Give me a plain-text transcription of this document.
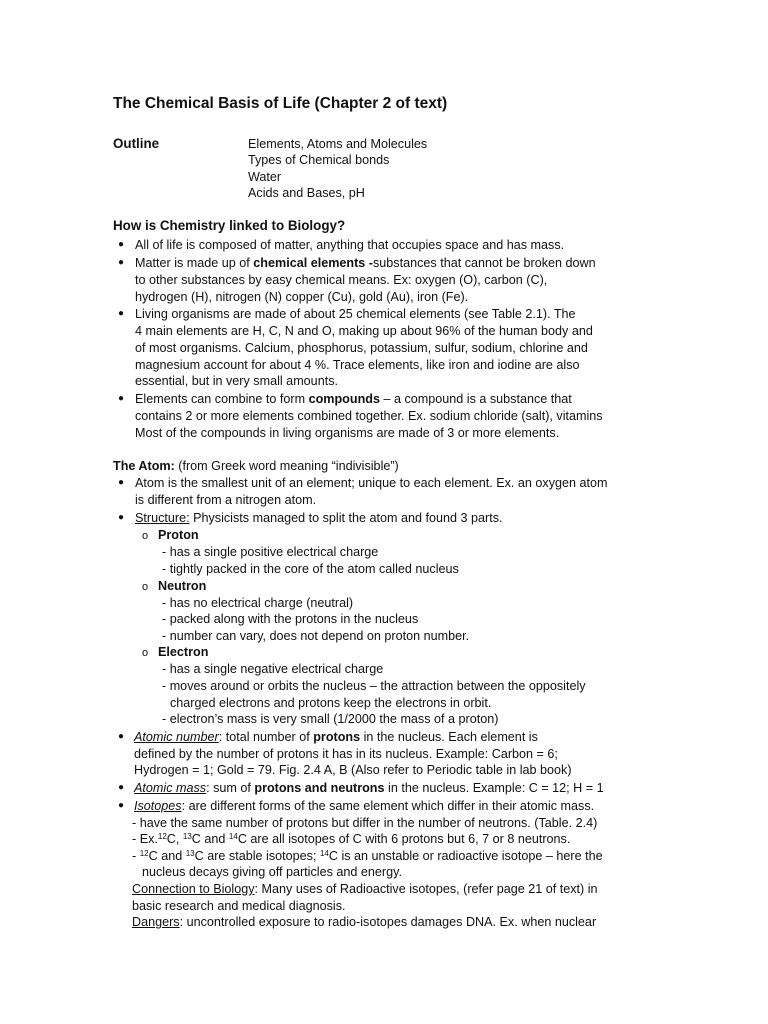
The Chemical Basis of Life (Chapter 2 of text)
Outline	Elements, Atoms and Molecules
Types of Chemical bonds
Water
Acids and Bases, pH
How is Chemistry linked to Biology?
● All of life is composed of matter, anything that occupies space and has mass.
● Matter is made up of chemical elements -substances that cannot be broken down
to other substances by easy chemical means. Ex: oxygen (O), carbon (C),
hydrogen (H), nitrogen (N) copper (Cu), gold (Au), iron (Fe).
● Living organisms are made of about 25 chemical elements (see Table 2.1). The
4 main elements are H, C, N and O, making up about 96% of the human body and
of most organisms. Calcium, phosphorus, potassium, sulfur, sodium, chlorine and
magnesium account for about 4 %. Trace elements, like iron and iodine are also
essential, but in very small amounts.
● Elements can combine to form compounds – a compound is a substance that
contains 2 or more elements combined together. Ex. sodium chloride (salt), vitamins
Most of the compounds in living organisms are made of 3 or more elements.
The Atom: (from Greek word meaning “indivisible”)
● Atom is the smallest unit of an element; unique to each element. Ex. an oxygen atom
is different from a nitrogen atom.
● Structure: Physicists managed to split the atom and found 3 parts.
o Proton
- has a single positive electrical charge
- tightly packed in the core of the atom called nucleus
o Neutron
- has no electrical charge (neutral)
- packed along with the protons in the nucleus
- number can vary, does not depend on proton number.
o Electron
- has a single negative electrical charge
- moves around or orbits the nucleus – the attraction between the oppositely
charged electrons and protons keep the electrons in orbit.
- electron’s mass is very small (1/2000 the mass of a proton)
● Atomic number: total number of protons in the nucleus. Each element is
defined by the number of protons it has in its nucleus. Example: Carbon = 6;
Hydrogen = 1; Gold = 79. Fig. 2.4 A, B (Also refer to Periodic table in lab book)
● Atomic mass: sum of protons and neutrons in the nucleus. Example: C = 12; H = 1
● Isotopes: are different forms of the same element which differ in their atomic mass.
- have the same number of protons but differ in the number of neutrons. (Table. 2.4)
- Ex.$^{12}$C, $^{13}$C and $^{14}$C are all isotopes of C with 6 protons but 6, 7 or 8 neutrons.
- $^{12}$C and $^{13}$C are stable isotopes; $^{14}$C is an unstable or radioactive isotope – here the
nucleus decays giving off particles and energy.
Connection to Biology: Many uses of Radioactive isotopes, (refer page 21 of text) in
basic research and medical diagnosis.
Dangers: uncontrolled exposure to radio-isotopes damages DNA. Ex. when nuclear
